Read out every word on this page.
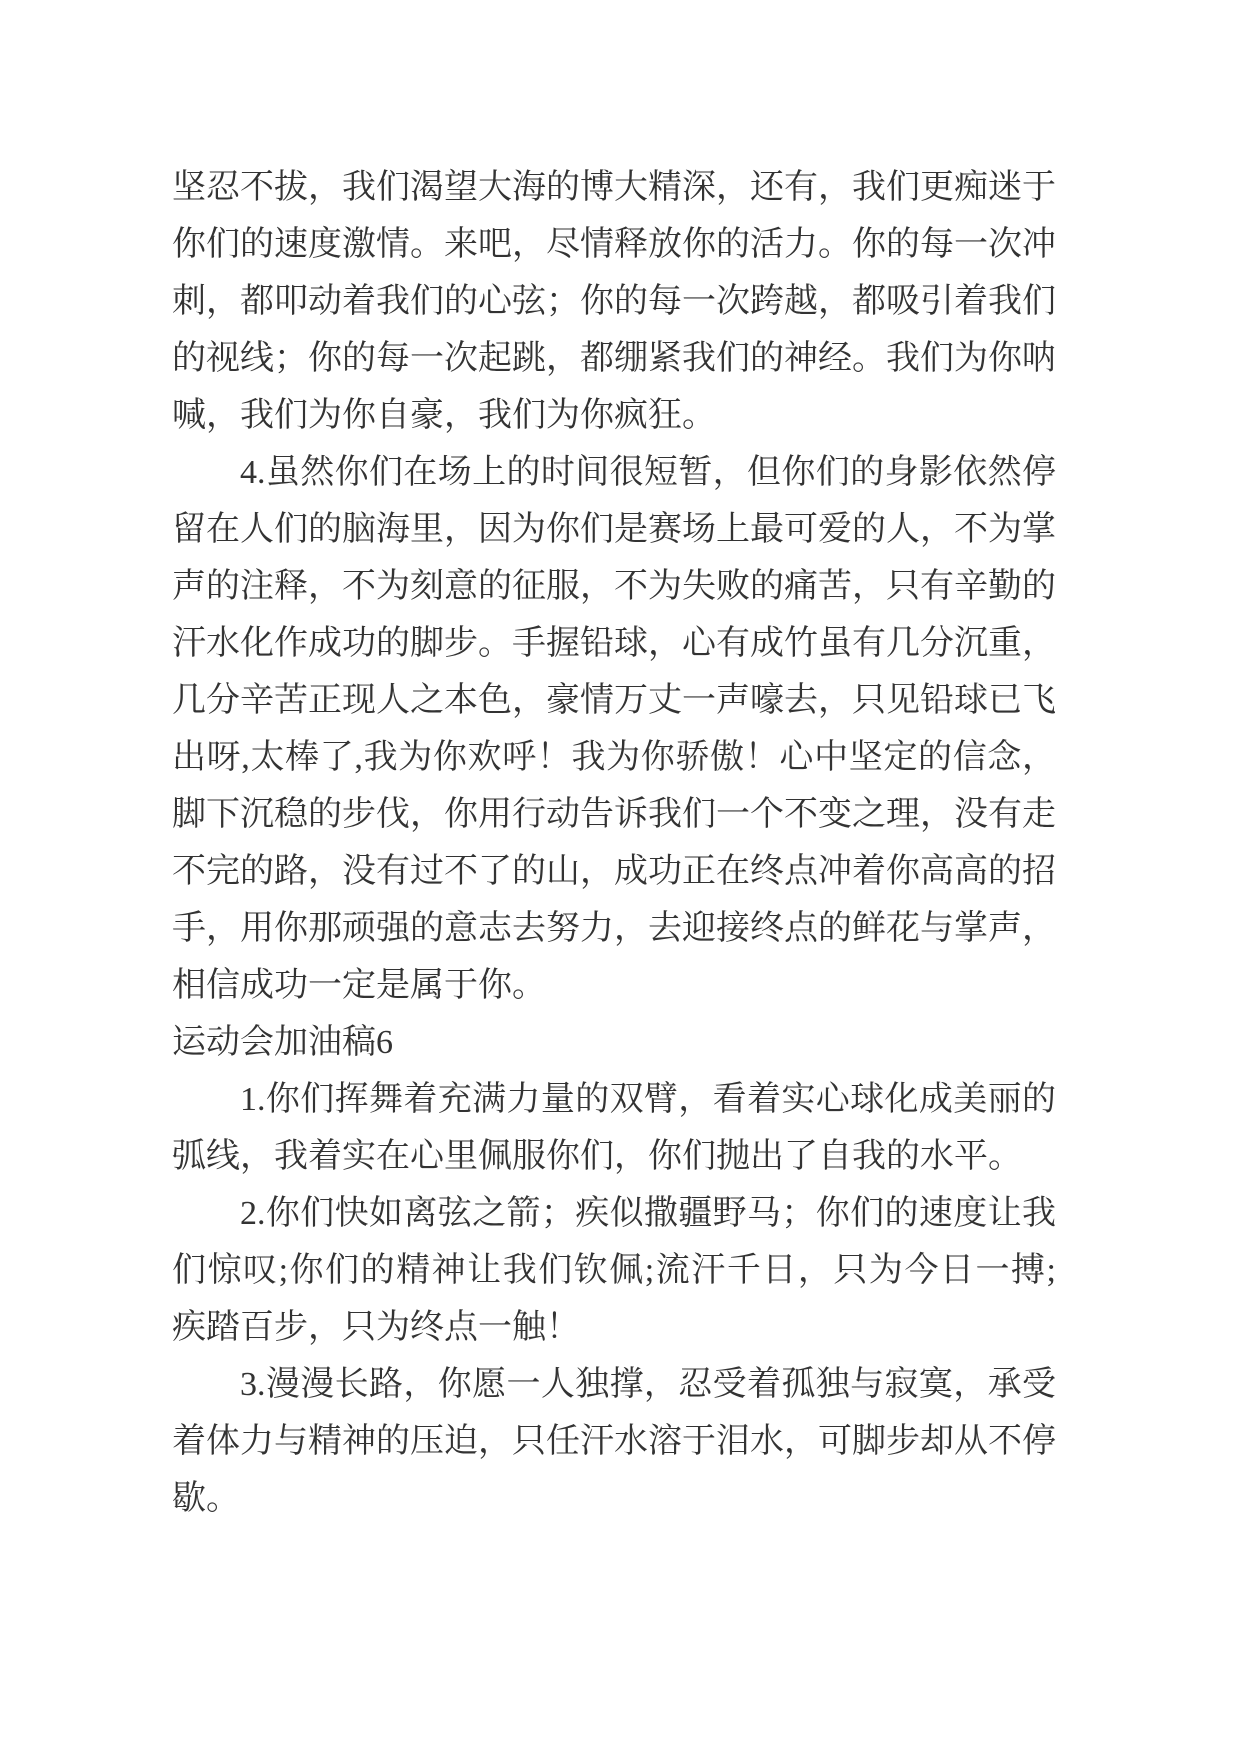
坚忍不拔，我们渴望大海的博大精深，还有，我们更痴迷于
你们的速度激情。来吧，尽情释放你的活力。你的每一次冲
刺，都叩动着我们的心弦；你的每一次跨越，都吸引着我们
的视线；你的每一次起跳，都绷紧我们的神经。我们为你呐
喊，我们为你自豪，我们为你疯狂。
4.虽然你们在场上的时间很短暂，但你们的身影依然停
留在人们的脑海里，因为你们是赛场上最可爱的人，不为掌
声的注释，不为刻意的征服，不为失败的痛苦，只有辛勤的
汗水化作成功的脚步。手握铅球，心有成竹虽有几分沉重，
几分辛苦正现人之本色，豪情万丈一声嚎去，只见铅球已飞
出呀,太棒了,我为你欢呼！我为你骄傲！心中坚定的信念，
脚下沉稳的步伐，你用行动告诉我们一个不变之理，没有走
不完的路，没有过不了的山，成功正在终点冲着你高高的招
手，用你那顽强的意志去努力，去迎接终点的鲜花与掌声，
相信成功一定是属于你。
运动会加油稿6
1.你们挥舞着充满力量的双臂，看着实心球化成美丽的
弧线，我着实在心里佩服你们，你们抛出了自我的水平。
2.你们快如离弦之箭；疾似撒疆野马；你们的速度让我
们惊叹;你们的精神让我们钦佩;流汗千日，只为今日一搏;
疾踏百步，只为终点一触！
3.漫漫长路，你愿一人独撑，忍受着孤独与寂寞，承受
着体力与精神的压迫，只任汗水溶于泪水，可脚步却从不停
歇。
